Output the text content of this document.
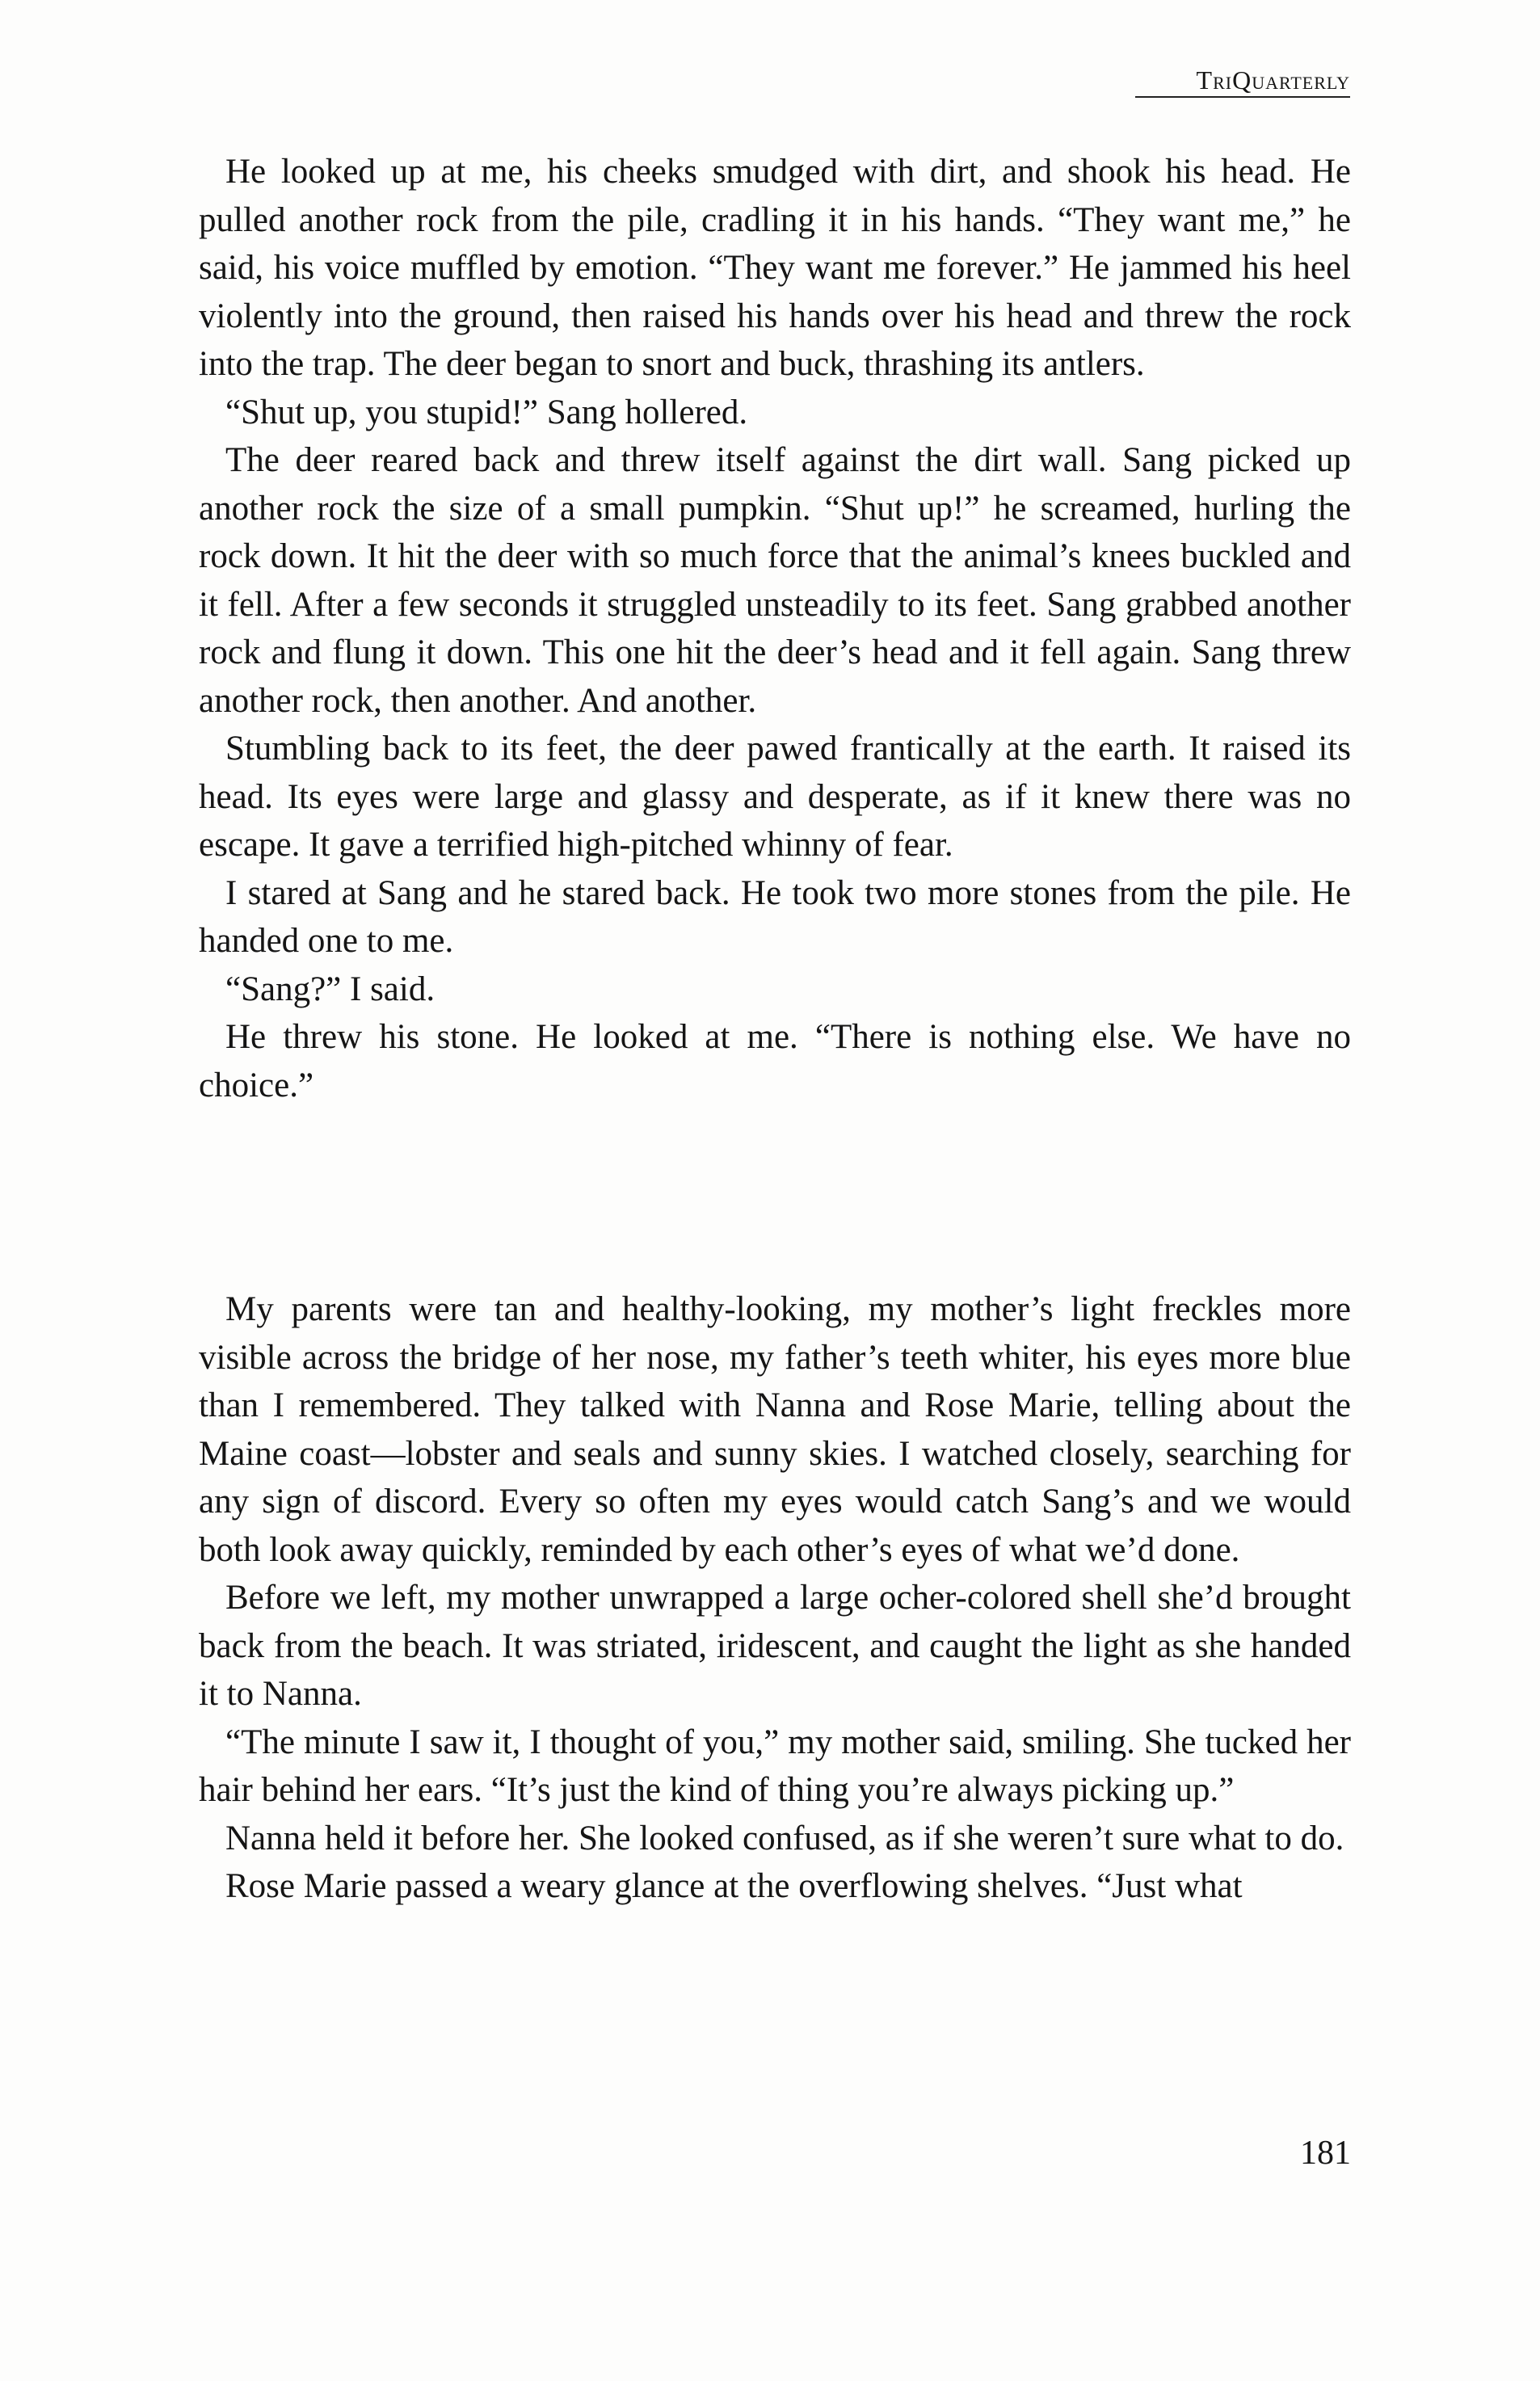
TriQuarterly

He looked up at me, his cheeks smudged with dirt, and shook his head. He pulled another rock from the pile, cradling it in his hands. “They want me,” he said, his voice muffled by emotion. “They want me forever.” He jammed his heel violently into the ground, then raised his hands over his head and threw the rock into the trap. The deer began to snort and buck, thrashing its antlers.

“Shut up, you stupid!” Sang hollered.

The deer reared back and threw itself against the dirt wall. Sang picked up another rock the size of a small pumpkin. “Shut up!” he screamed, hurling the rock down. It hit the deer with so much force that the animal’s knees buckled and it fell. After a few seconds it struggled unsteadily to its feet. Sang grabbed another rock and flung it down. This one hit the deer’s head and it fell again. Sang threw another rock, then another. And another.

Stumbling back to its feet, the deer pawed frantically at the earth. It raised its head. Its eyes were large and glassy and desperate, as if it knew there was no escape. It gave a terrified high-pitched whinny of fear.

I stared at Sang and he stared back. He took two more stones from the pile. He handed one to me.

“Sang?” I said.

He threw his stone. He looked at me. “There is nothing else. We have no choice.”

My parents were tan and healthy-looking, my mother’s light freckles more visible across the bridge of her nose, my father’s teeth whiter, his eyes more blue than I remembered. They talked with Nanna and Rose Marie, telling about the Maine coast—lobster and seals and sunny skies. I watched closely, searching for any sign of discord. Every so often my eyes would catch Sang’s and we would both look away quickly, reminded by each other’s eyes of what we’d done.

Before we left, my mother unwrapped a large ocher-colored shell she’d brought back from the beach. It was striated, iridescent, and caught the light as she handed it to Nanna.

“The minute I saw it, I thought of you,” my mother said, smiling. She tucked her hair behind her ears. “It’s just the kind of thing you’re always picking up.”

Nanna held it before her. She looked confused, as if she weren’t sure what to do.

Rose Marie passed a weary glance at the overflowing shelves. “Just what

181
